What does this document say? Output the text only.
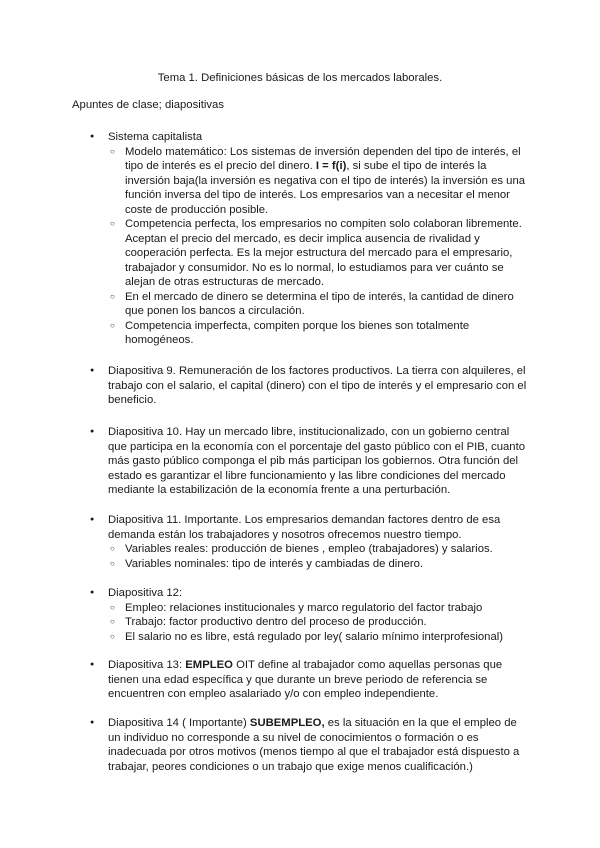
Tema 1. Definiciones básicas de los mercados laborales.
Apuntes de clase; diapositivas
● Sistema capitalista
○ Modelo matemático: Los sistemas de inversión dependen del tipo de interés, el tipo de interés es el precio del dinero. I = f(i), si sube el tipo de interés la inversión baja(la inversión es negativa con el tipo de interés) la inversión es una función inversa del tipo de interés. Los empresarios van a necesitar el menor coste de producción posible.
○ Competencia perfecta, los empresarios no compiten solo colaboran libremente. Aceptan el precio del mercado, es decir implica ausencia de rivalidad y cooperación perfecta. Es la mejor estructura del mercado para el empresario, trabajador y consumidor. No es lo normal, lo estudiamos para ver cuánto se alejan de otras estructuras de mercado.
○ En el mercado de dinero se determina el tipo de interés, la cantidad de dinero que ponen los bancos a circulación.
○ Competencia imperfecta, compiten porque los bienes son totalmente homogéneos.
● Diapositiva 9. Remuneración de los factores productivos. La tierra con alquileres, el trabajo con el salario, el capital (dinero) con el tipo de interés y el empresario con el beneficio.
● Diapositiva 10. Hay un mercado libre, institucionalizado, con un gobierno central que participa en la economía con el porcentaje del gasto público con el PIB, cuanto más gasto público componga el pib más participan los gobiernos. Otra función del estado es garantizar el libre funcionamiento y las libre condiciones del mercado mediante la estabilización de la economía frente a una perturbación.
● Diapositiva 11. Importante. Los empresarios demandan factores dentro de esa demanda están los trabajadores y nosotros ofrecemos nuestro tiempo.
○ Variables reales: producción de bienes , empleo (trabajadores) y salarios.
○ Variables nominales: tipo de interés y cambiadas de dinero.
● Diapositiva 12:
○ Empleo: relaciones institucionales y marco regulatorio del factor trabajo
○ Trabajo: factor productivo dentro del proceso de producción.
○ El salario no es libre, está regulado por ley( salario mínimo interprofesional)
● Diapositiva 13: EMPLEO OIT define al trabajador como aquellas personas que tienen una edad específica y que durante un breve periodo de referencia se encuentren con empleo asalariado y/o con empleo independiente.
● Diapositiva 14 ( Importante) SUBEMPLEO, es la situación en la que el empleo de un individuo no corresponde a su nivel de conocimientos o formación o es inadecuada por otros motivos (menos tiempo al que el trabajador está dispuesto a trabajar, peores condiciones o un trabajo que exige menos cualificación.)
